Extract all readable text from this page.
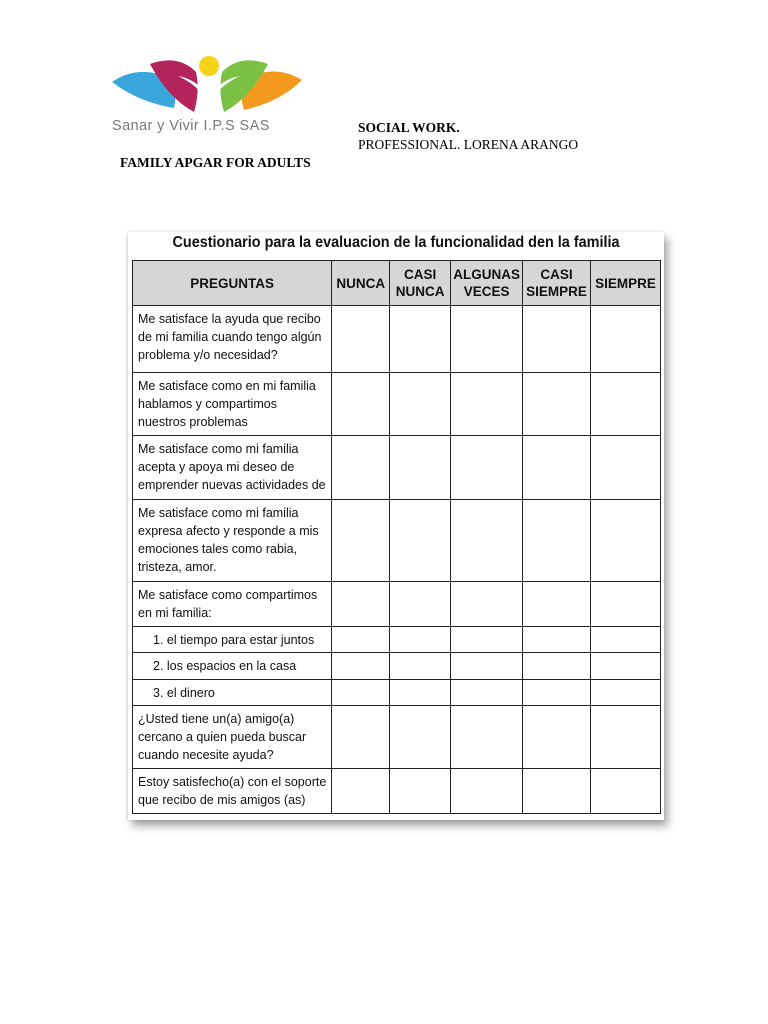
Sanar y Vivir I.P.S SAS	SOCIAL WORK.
PROFESSIONAL. LORENA ARANGO
FAMILY APGAR FOR ADULTS
Cuestionario para la evaluacion de la funcionalidad den la familia
PREGUNTAS	NUNCA	CASI NUNCA	ALGUNAS VECES	CASI SIEMPRE	SIEMPRE
Me satisface la ayuda que recibo de mi familia cuando tengo algún problema y/o necesidad?					
Me satisface como en mi familia hablamos y compartimos nuestros problemas					
Me satisface como mi familia acepta y apoya mi deseo de emprender nuevas actividades de					
Me satisface como mi familia expresa afecto y responde a mis emociones tales como rabia, tristeza, amor.					
Me satisface como compartimos en mi familia:					
1. el tiempo para estar juntos					
2. los espacios en la casa					
3. el dinero					
¿Usted tiene un(a) amigo(a) cercano a quien pueda buscar cuando necesite ayuda?					
Estoy satisfecho(a) con el soporte que recibo de mis amigos (as)					
